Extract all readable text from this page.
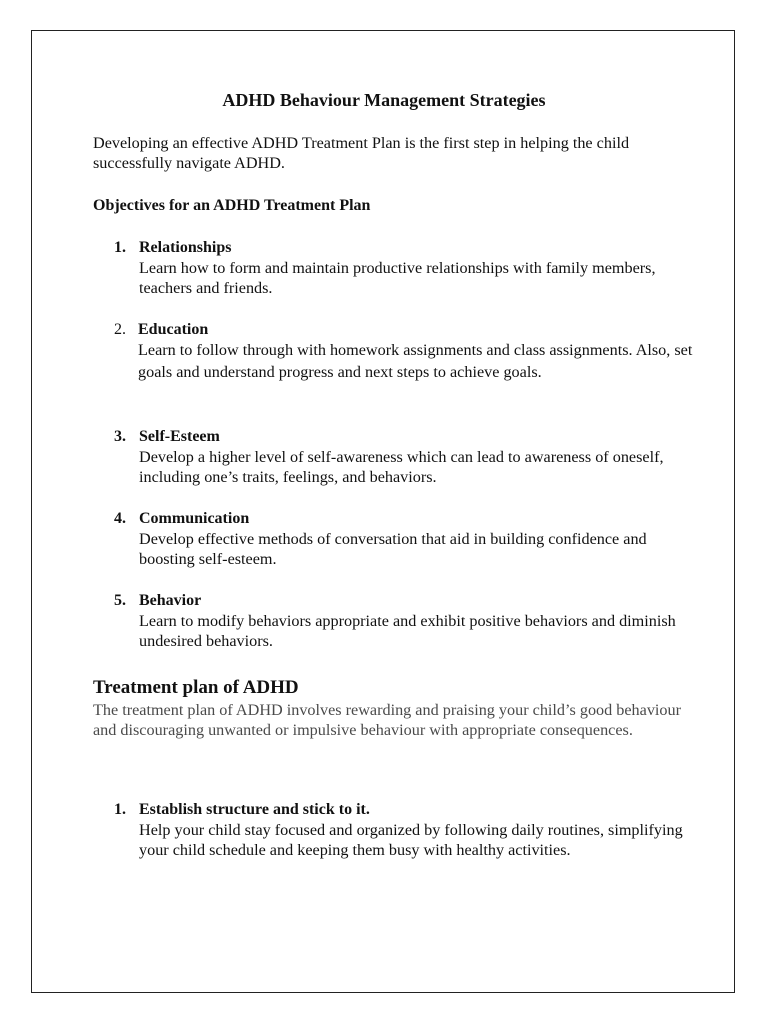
ADHD Behaviour Management Strategies

Developing an effective ADHD Treatment Plan is the first step in helping the child successfully navigate ADHD.

Objectives for an ADHD Treatment Plan

1. Relationships
Learn how to form and maintain productive relationships with family members, teachers and friends.
2. Education
Learn to follow through with homework assignments and class assignments. Also, set goals and understand progress and next steps to achieve goals.
3. Self-Esteem
Develop a higher level of self-awareness which can lead to awareness of oneself, including one’s traits, feelings, and behaviors.
4. Communication
Develop effective methods of conversation that aid in building confidence and boosting self-esteem.
5. Behavior
Learn to modify behaviors appropriate and exhibit positive behaviors and diminish undesired behaviors.
Treatment plan of ADHD

The treatment plan of ADHD involves rewarding and praising your child’s good behaviour and discouraging unwanted or impulsive behaviour with appropriate consequences.

1. Establish structure and stick to it.
Help your child stay focused and organized by following daily routines, simplifying your child schedule and keeping them busy with healthy activities.
